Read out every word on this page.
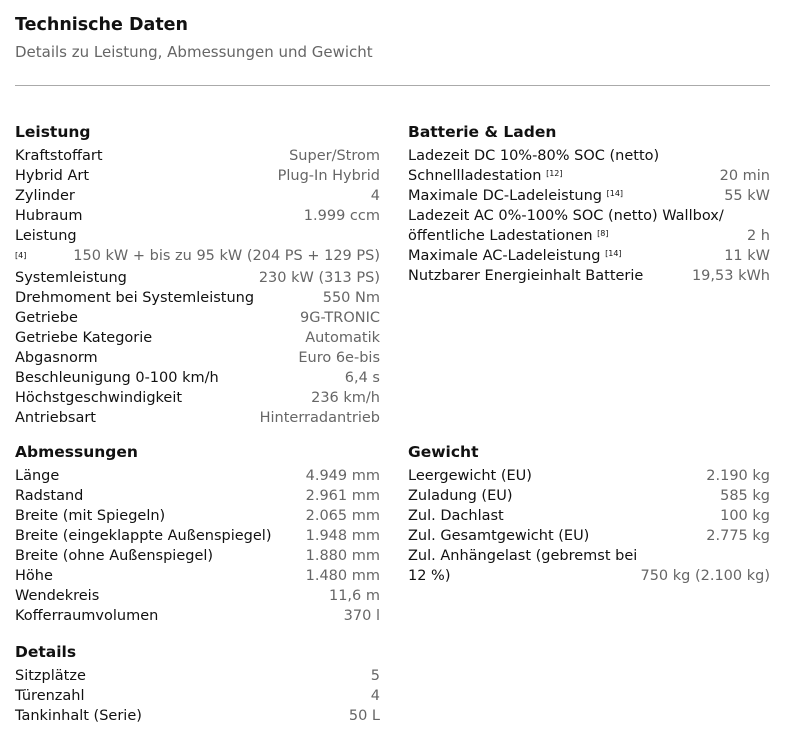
Technische Daten
Details zu Leistung, Abmessungen und Gewicht
Leistung
Kraftstoffart	Super/Strom
Hybrid Art	Plug-In Hybrid
Zylinder	4
Hubraum	1.999 ccm
Leistung
[4]	150 kW + bis zu 95 kW (204 PS + 129 PS)
Systemleistung	230 kW (313 PS)
Drehmoment bei Systemleistung	550 Nm
Getriebe	9G-TRONIC
Getriebe Kategorie	Automatik
Abgasnorm	Euro 6e-bis
Beschleunigung 0-100 km/h	6,4 s
Höchstgeschwindigkeit	236 km/h
Antriebsart	Hinterradantrieb
Batterie & Laden
Ladezeit DC 10%-80% SOC (netto)
Schnellladestation [12]	20 min
Maximale DC-Ladeleistung [14]	55 kW
Ladezeit AC 0%-100% SOC (netto) Wallbox/
öffentliche Ladestationen [8]	2 h
Maximale AC-Ladeleistung [14]	11 kW
Nutzbarer Energieinhalt Batterie	19,53 kWh
Abmessungen
Länge	4.949 mm
Radstand	2.961 mm
Breite (mit Spiegeln)	2.065 mm
Breite (eingeklappte Außenspiegel) 1.948 mm
Breite (ohne Außenspiegel)	1.880 mm
Höhe	1.480 mm
Wendekreis	11,6 m
Kofferraumvolumen	370 l
Gewicht
Leergewicht (EU)	2.190 kg
Zuladung (EU)	585 kg
Zul. Dachlast	100 kg
Zul. Gesamtgewicht (EU)	2.775 kg
Zul. Anhängelast (gebremst bei
12 %)	750 kg (2.100 kg)
Details
Sitzplätze	5
Türenzahl	4
Tankinhalt (Serie)	50 L
